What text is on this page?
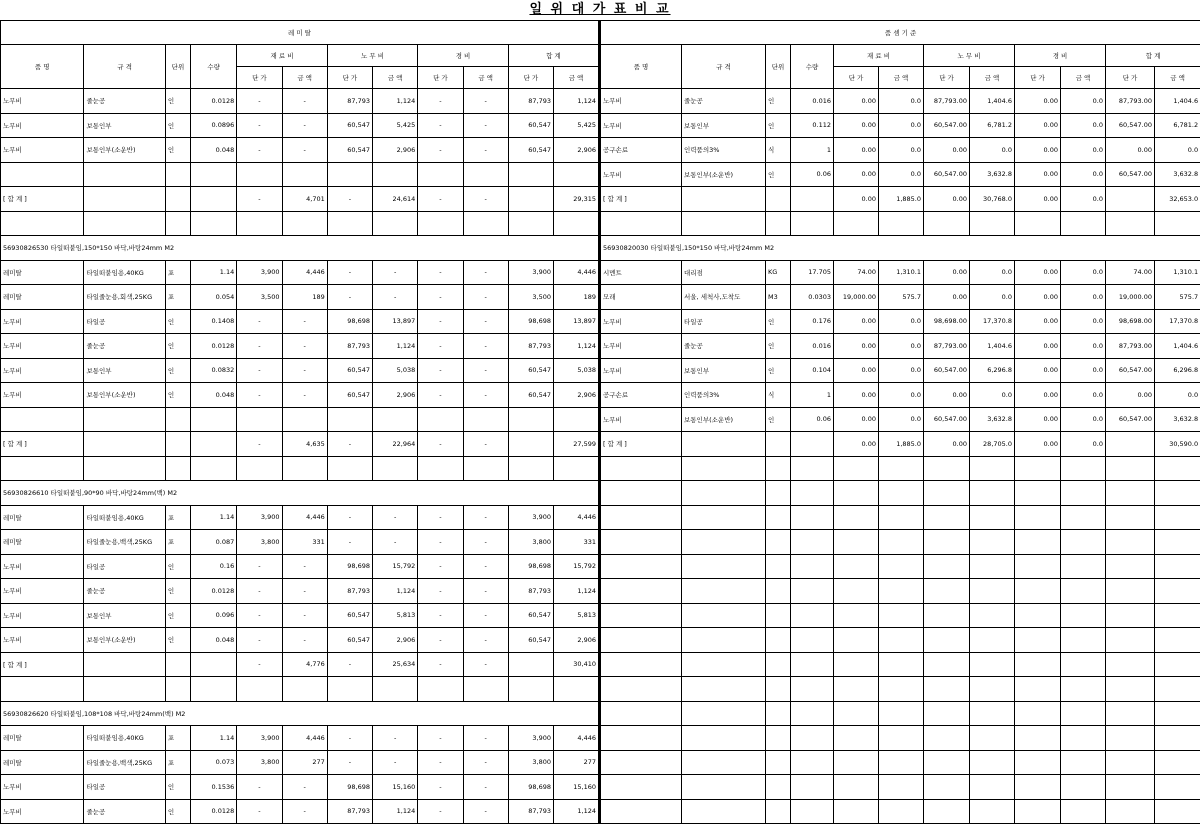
일 위 대 가 표 비 교
레 미 탈											
품 명	규 격	단위	수량	재 료 비		노 무 비		경 비		합 계	
				단 가	금 액	단 가	금 액	단 가	금 액	단 가	금 액
노무비	줄눈공	인	0.0128	-	-	87,793	1,124	-	-	87,793	1,124
노무비	보통인부	인	0.0896	-	-	60,547	5,425	-	-	60,547	5,425
노무비	보통인부(소운반)	인	0.048	-	-	60,547	2,906	-	-	60,547	2,906

[ 합 계 ]				-	4,701	-	24,614	-	-		29,315

56930826530 타일떠붙임,150*150 바닥,바탕24mm M2											
레미탈	타일떠붙임용,40KG	포	1.14	3,900	4,446	-	-	-	-	3,900	4,446
레미탈	타일줄눈용,회색,25KG	포	0.054	3,500	189	-	-	-	-	3,500	189
노무비	타일공	인	0.1408	-	-	98,698	13,897	-	-	98,698	13,897
노무비	줄눈공	인	0.0128	-	-	87,793	1,124	-	-	87,793	1,124
노무비	보통인부	인	0.0832	-	-	60,547	5,038	-	-	60,547	5,038
노무비	보통인부(소운반)	인	0.048	-	-	60,547	2,906	-	-	60,547	2,906

[ 합 계 ]				-	4,635	-	22,964	-	-		27,599

56930826610 타일떠붙임,90*90 바닥,바탕24mm(백) M2											
레미탈	타일떠붙임용,40KG	포	1.14	3,900	4,446	-	-	-	-	3,900	4,446
레미탈	타일줄눈용,백색,25KG	포	0.087	3,800	331	-	-	-	-	3,800	331
노무비	타일공	인	0.16	-	-	98,698	15,792	-	-	98,698	15,792
노무비	줄눈공	인	0.0128	-	-	87,793	1,124	-	-	87,793	1,124
노무비	보통인부	인	0.096	-	-	60,547	5,813	-	-	60,547	5,813
노무비	보통인부(소운반)	인	0.048	-	-	60,547	2,906	-	-	60,547	2,906
[ 합 계 ]				-	4,776	-	25,634	-	-		30,410

56930826620 타일떠붙임,108*108 바닥,바탕24mm(백) M2											
레미탈	타일떠붙임용,40KG	포	1.14	3,900	4,446	-	-	-	-	3,900	4,446
레미탈	타일줄눈용,백색,25KG	포	0.073	3,800	277	-	-	-	-	3,800	277
노무비	타일공	인	0.1536	-	-	98,698	15,160	-	-	98,698	15,160
노무비	줄눈공	인	0.0128	-	-	87,793	1,124	-	-	87,793	1,124
품 셈 기 준											
품 명	규 격	단위	수량	재 료 비		노 무 비		경 비		합 계	
				단 가	금 액	단 가	금 액	단 가	금 액	단 가	금 액
노무비	줄눈공	인	0.016	0.00	0.0	87,793.00	1,404.6	0.00	0.0	87,793.00	1,404.6
노무비	보통인부	인	0.112	0.00	0.0	60,547.00	6,781.2	0.00	0.0	60,547.00	6,781.2
공구손료	인력품의3%	식	1	0.00	0.0	0.00	0.0	0.00	0.0	0.00	0.0
노무비	보통인부(소운반)	인	0.06	0.00	0.0	60,547.00	3,632.8	0.00	0.0	60,547.00	3,632.8
[ 합 계 ]				0.00	1,885.0	0.00	30,768.0	0.00	0.0		32,653.0

56930820030 타일떠붙임,150*150 바닥,바탕24mm M2											
시멘트	대리점	KG	17.705	74.00	1,310.1	0.00	0.0	0.00	0.0	74.00	1,310.1
모래	서울, 세척사,도착도	M3	0.0303	19,000.00	575.7	0.00	0.0	0.00	0.0	19,000.00	575.7
노무비	타일공	인	0.176	0.00	0.0	98,698.00	17,370.8	0.00	0.0	98,698.00	17,370.8
노무비	줄눈공	인	0.016	0.00	0.0	87,793.00	1,404.6	0.00	0.0	87,793.00	1,404.6
노무비	보통인부	인	0.104	0.00	0.0	60,547.00	6,296.8	0.00	0.0	60,547.00	6,296.8
공구손료	인력품의3%	식	1	0.00	0.0	0.00	0.0	0.00	0.0	0.00	0.0
노무비	보통인부(소운반)	인	0.06	0.00	0.0	60,547.00	3,632.8	0.00	0.0	60,547.00	3,632.8
[ 합 계 ]				0.00	1,885.0	0.00	28,705.0	0.00	0.0		30,590.0
